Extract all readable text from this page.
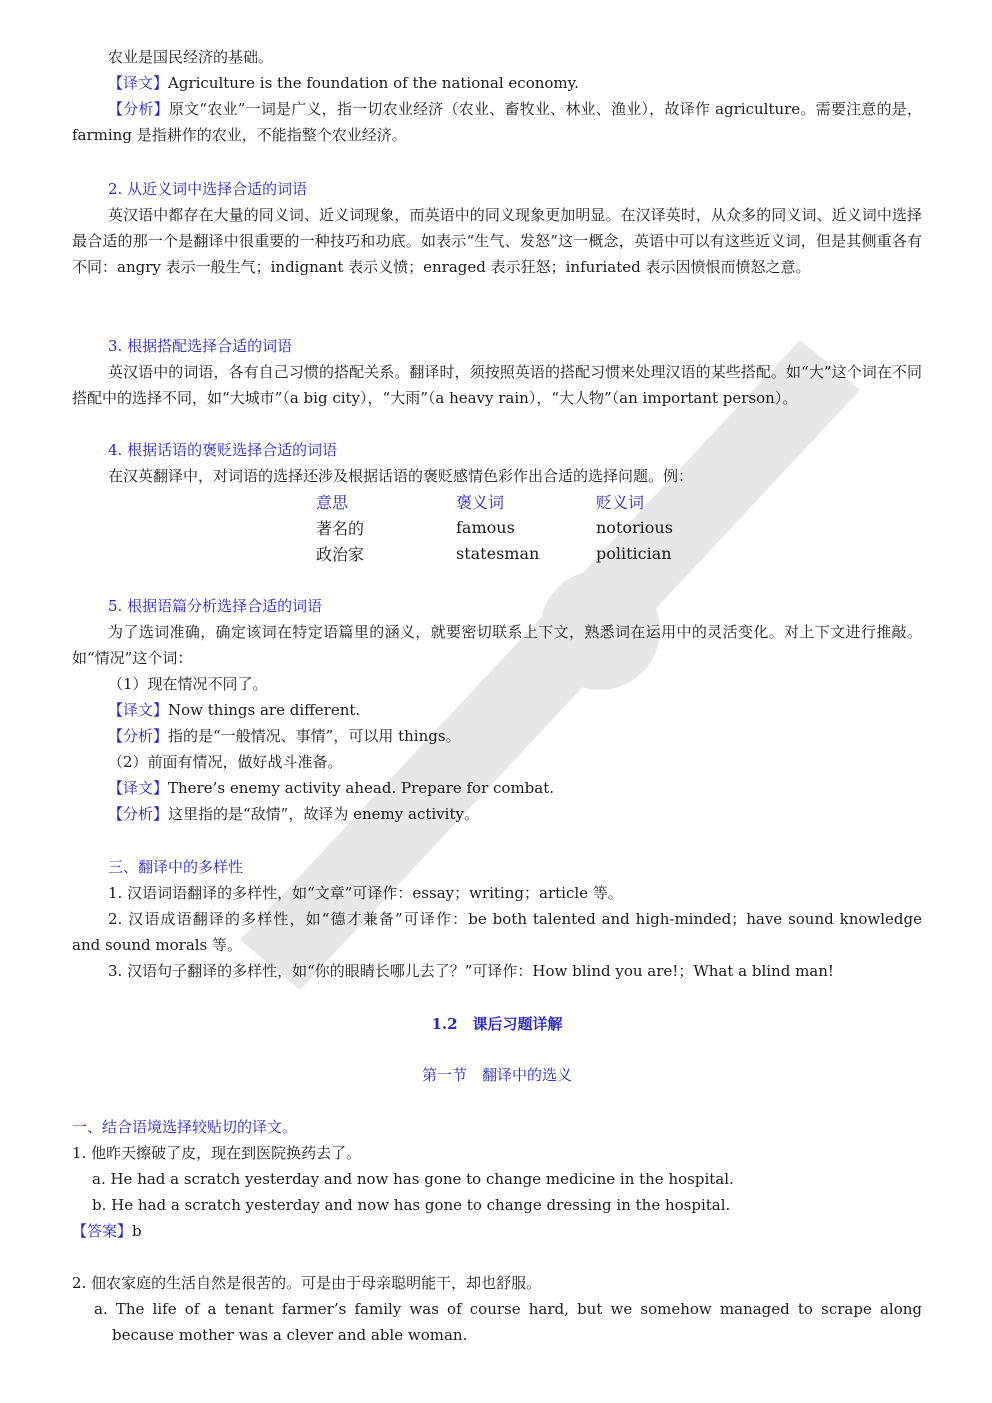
农业是国民经济的基础。

【译文】Agriculture is the foundation of the national economy.

【分析】原文“农业”一词是广义，指一切农业经济（农业、畜牧业、林业、渔业），故译作 agriculture。需要注意的是，farming 是指耕作的农业，不能指整个农业经济。

2. 从近义词中选择合适的词语

英汉语中都存在大量的同义词、近义词现象，而英语中的同义现象更加明显。在汉译英时，从众多的同义词、近义词中选择最合适的那一个是翻译中很重要的一种技巧和功底。如表示“生气、发怒”这一概念，英语中可以有这些近义词，但是其侧重各有不同：angry 表示一般生气；indignant 表示义愤；enraged 表示狂怒；infuriated 表示因愤恨而愤怒之意。

3. 根据搭配选择合适的词语

英汉语中的词语，各有自己习惯的搭配关系。翻译时，须按照英语的搭配习惯来处理汉语的某些搭配。如“大”这个词在不同搭配中的选择不同，如“大城市”（a big city），“大雨”（a heavy rain），“大人物”（an important person）。

4. 根据话语的褒贬选择合适的词语

在汉英翻译中，对词语的选择还涉及根据话语的褒贬感情色彩作出合适的选择问题。例：

意思	褒义词	贬义词
著名的	famous	notorious
政治家	statesman	politician

5. 根据语篇分析选择合适的词语

为了选词准确，确定该词在特定语篇里的涵义，就要密切联系上下文，熟悉词在运用中的灵活变化。对上下文进行推敲。如“情况”这个词：

（1）现在情况不同了。

【译文】Now things are different.

【分析】指的是“一般情况、事情”，可以用 things。

（2）前面有情况，做好战斗准备。

【译文】There’s enemy activity ahead. Prepare for combat.

【分析】这里指的是“敌情”，故译为 enemy activity。

三、翻译中的多样性

1. 汉语词语翻译的多样性，如“文章”可译作：essay；writing；article 等。

2. 汉语成语翻译的多样性，如“德才兼备”可译作：be both talented and high-minded；have sound knowledge and sound morals 等。

3. 汉语句子翻译的多样性，如“你的眼睛长哪儿去了？”可译作：How blind you are!；What a blind man!

1.2　课后习题详解

第一节　翻译中的选义

一、结合语境选择较贴切的译文。

1. 他昨天擦破了皮，现在到医院换药去了。

a. He had a scratch yesterday and now has gone to change medicine in the hospital.

b. He had a scratch yesterday and now has gone to change dressing in the hospital.

【答案】b

2. 佃农家庭的生活自然是很苦的。可是由于母亲聪明能干，却也舒服。

a. The life of a tenant farmer’s family was of course hard, but we somehow managed to scrape along because mother was a clever and able woman.
